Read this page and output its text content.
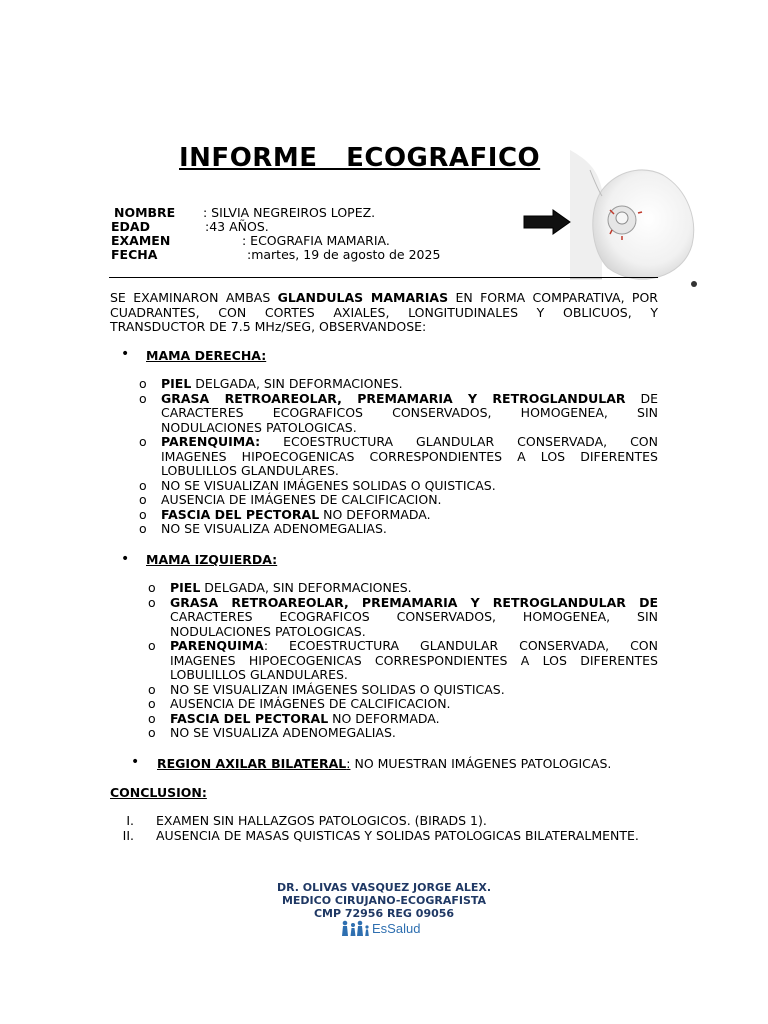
INFORME   ECOGRAFICO
NOMBRE : SILVIA NEGREIROS LOPEZ.
EDAD	:43 AÑOS.
EXAMEN	: ECOGRAFIA MAMARIA.
FECHA	:martes, 19 de agosto de 2025
SE EXAMINARON AMBAS GLANDULAS MAMARIAS EN FORMA COMPARATIVA, POR
CUADRANTES, CON CORTES AXIALES, LONGITUDINALES Y OBLICUOS, Y
TRANSDUCTOR DE 7.5 MHz/SEG, OBSERVANDOSE:
• MAMA DERECHA:
o PIEL DELGADA, SIN DEFORMACIONES.
o GRASA RETROAREOLAR, PREMAMARIA Y RETROGLANDULAR DE
CARACTERES ECOGRAFICOS CONSERVADOS, HOMOGENEA, SIN
NODULACIONES PATOLOGICAS.
o PARENQUIMA: ECOESTRUCTURA GLANDULAR CONSERVADA, CON
IMAGENES HIPOECOGENICAS CORRESPONDIENTES A LOS DIFERENTES
LOBULILLOS GLANDULARES.
o NO SE VISUALIZAN IMÁGENES SOLIDAS O QUISTICAS.
o AUSENCIA DE IMÁGENES DE CALCIFICACION.
o FASCIA DEL PECTORAL NO DEFORMADA.
o NO SE VISUALIZA ADENOMEGALIAS.
• MAMA IZQUIERDA:
o PIEL DELGADA, SIN DEFORMACIONES.
o GRASA RETROAREOLAR, PREMAMARIA Y RETROGLANDULAR DE
CARACTERES ECOGRAFICOS CONSERVADOS, HOMOGENEA, SIN
NODULACIONES PATOLOGICAS.
o PARENQUIMA: ECOESTRUCTURA GLANDULAR CONSERVADA, CON
IMAGENES HIPOECOGENICAS CORRESPONDIENTES A LOS DIFERENTES
LOBULILLOS GLANDULARES.
o NO SE VISUALIZAN IMÁGENES SOLIDAS O QUISTICAS.
o AUSENCIA DE IMÁGENES DE CALCIFICACION.
o FASCIA DEL PECTORAL NO DEFORMADA.
o NO SE VISUALIZA ADENOMEGALIAS.
• REGION AXILAR BILATERAL: NO MUESTRAN IMÁGENES PATOLOGICAS.
CONCLUSION:
I. EXAMEN SIN HALLAZGOS PATOLOGICOS. (BIRADS 1).
II. AUSENCIA DE MASAS QUISTICAS Y SOLIDAS PATOLOGICAS BILATERALMENTE.
DR. OLIVAS VASQUEZ JORGE ALEX.
MEDICO CIRUJANO-ECOGRAFISTA
CMP 72956 REG 09056
EsSalud
